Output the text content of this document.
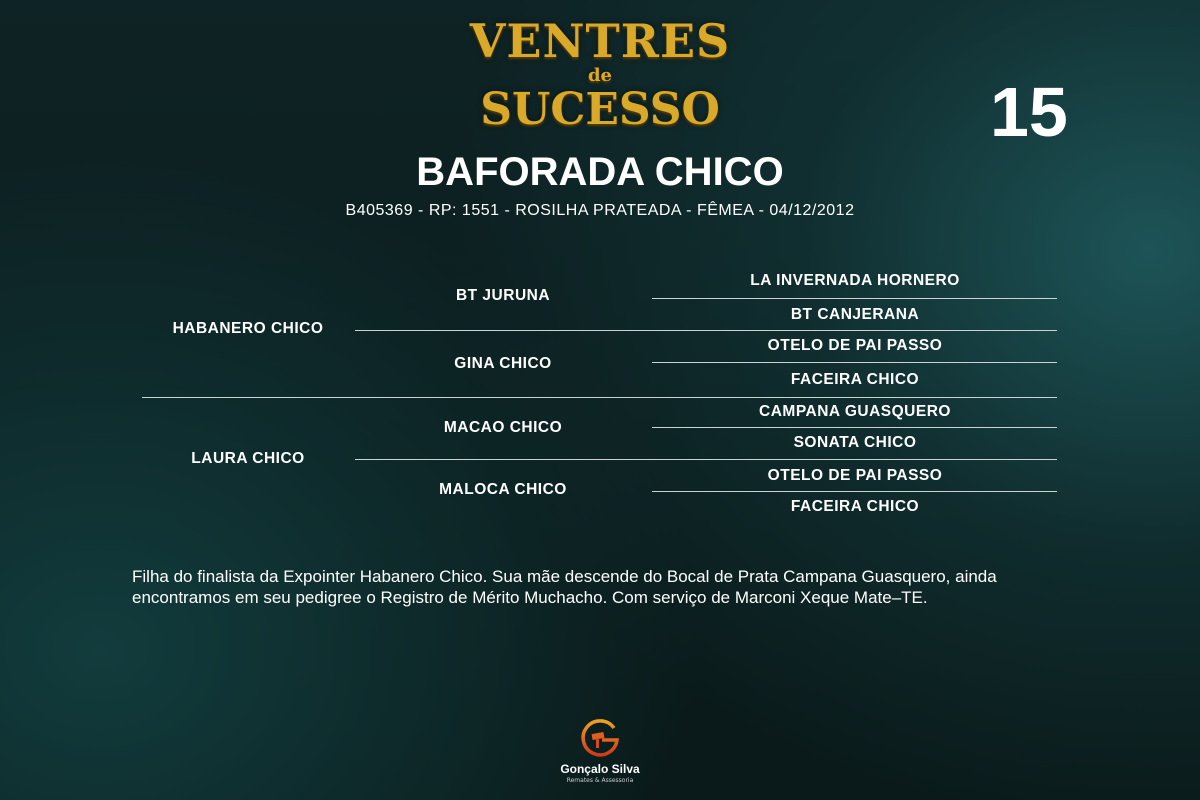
VENTRES
de
SUCESSO	15
BAFORADA CHICO
B405369 - RP: 1551 - ROSILHA PRATEADA - FÊMEA - 04/12/2012
HABANERO CHICO
LAURA CHICO
BT JURUNA
GINA CHICO
MACAO CHICO
MALOCA CHICO
LA INVERNADA HORNERO
BT CANJERANA
OTELO DE PAI PASSO
FACEIRA CHICO
CAMPANA GUASQUERO
SONATA CHICO
OTELO DE PAI PASSO
FACEIRA CHICO
Filha do finalista da Expointer Habanero Chico. Sua mãe descende do Bocal de Prata Campana Guasquero, ainda encontramos em seu pedigree o Registro de Mérito Muchacho. Com serviço de Marconi Xeque Mate–TE.
Gonçalo Silva
Remates & Assessoria
